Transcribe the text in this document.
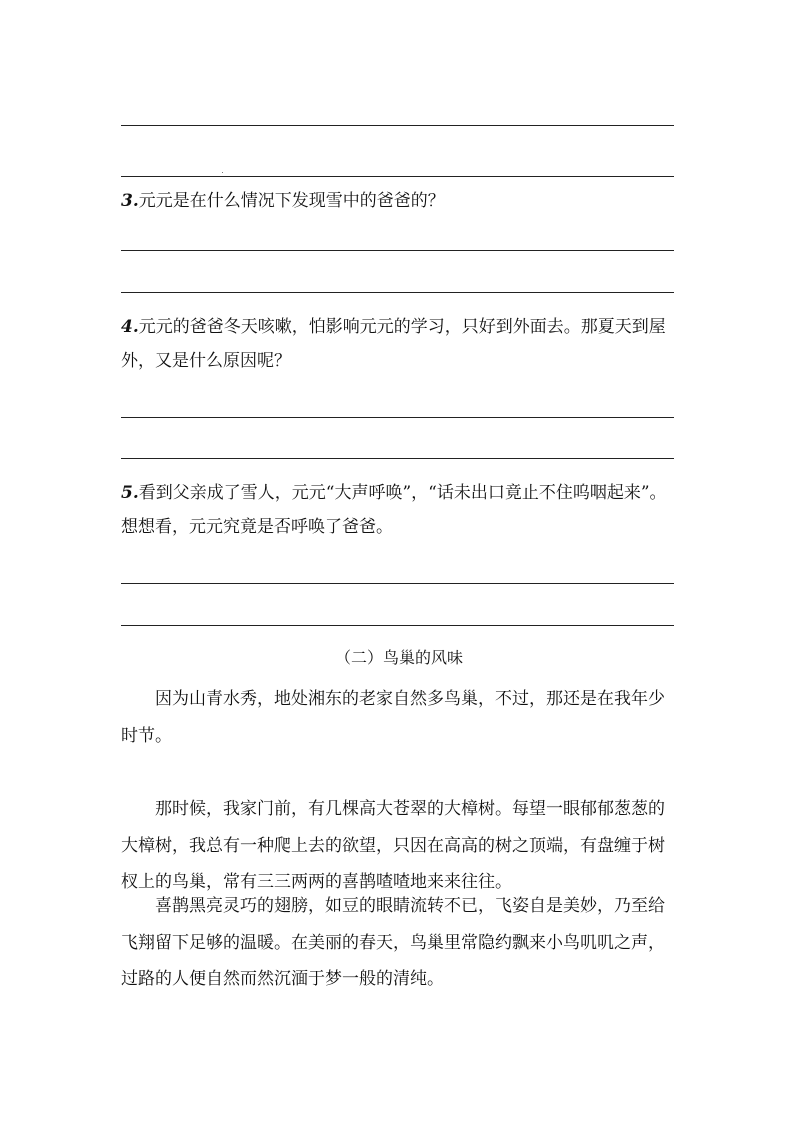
3.元元是在什么情况下发现雪中的爸爸的？

4.元元的爸爸冬天咳嗽，怕影响元元的学习，只好到外面去。那夏天到屋外，又是什么原因呢？

5.看到父亲成了雪人，元元“大声呼唤”，“话未出口竟止不住呜咽起来”。想想看，元元究竟是否呼唤了爸爸。

（二）鸟巢的风味

因为山青水秀，地处湘东的老家自然多鸟巢，不过，那还是在我年少时节。

那时候，我家门前，有几棵高大苍翠的大樟树。每望一眼郁郁葱葱的大樟树，我总有一种爬上去的欲望，只因在高高的树之顶端，有盘缠于树杈上的鸟巢，常有三三两两的喜鹊喳喳地来来往往。

喜鹊黑亮灵巧的翅膀，如豆的眼睛流转不已，飞姿自是美妙，乃至给飞翔留下足够的温暖。在美丽的春天，鸟巢里常隐约飘来小鸟叽叽之声，过路的人便自然而然沉湎于梦一般的清纯。
